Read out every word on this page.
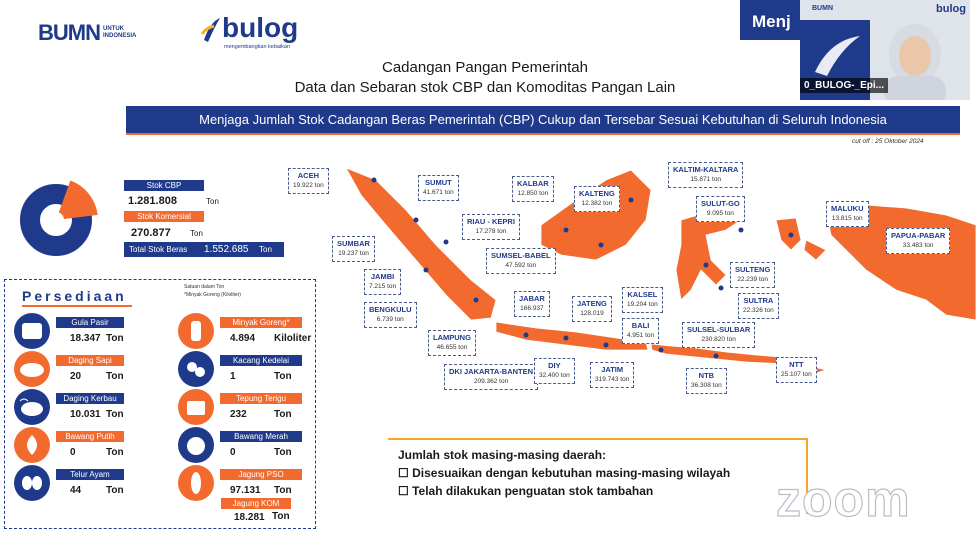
BUMN UNTUK INDONESIA	bulog
mengembangkan kebaikan
Cadangan Pangan Pemerintah
Data dan Sebaran stok CBP dan Komoditas Pangan Lain
Menjaga Jumlah Stok Cadangan Beras Pemerintah (CBP) Cukup dan Tersebar Sesuai Kebutuhan di Seluruh Indonesia
cut off : 25 Oktober 2024
Menj
BUMN	bulog
0_BULOG-_Epi...
Stok CBP
1.281.808	Ton
Stok Komersial
270.877 Ton
Total Stok Beras 1.552.685 Ton
Persediaan
Satuan dalam Ton
*Minyak Goreng (Kiloliter)
Gula Pasir
18.347 Ton
Daging Sapi
20 Ton
Daging Kerbau
10.031 Ton
Bawang Putih
0	Ton
Telur Ayam
44 Ton
Minyak Goreng*
4.894 Kiloliter
Kacang Kedelai
1	Ton
Tepung Terigu
232	Ton
Bawang Merah
0	Ton
Jagung PSO
97.131 Ton
Jagung KOM
18.281 Ton
ACEH
19.922 ton	SUMUT
41.671 ton
KALBAR
12.850 ton	KALTENG
12.382 ton
KALTIM-KALTARA
15.871 ton
SULUT-GO
9.095 ton
MALUKU
13.815 ton
PAPUA-PABAR
33.483 ton
RIAU - KEPRI
17.278 ton
SUMBAR
19.237 ton	SUMSEL-BABEL
47.592 ton
JAMBI
7.215 ton
BENGKULU
6.739 ton
JABAR
166.937
JATENG
128.019
KALSEL
19.204 ton
SULTENG
22.239 ton
SULTRA
22.326 ton
BALI
4.951 ton
LAMPUNG
46.655 ton
SULSEL-SULBAR
230.820 ton
DKI JAKARTA-BANTEN
209.362 ton
DIY
32.400 ton
JATIM
319.743 ton	NTB
36.308 ton
NTT
25.107 ton
Jumlah stok masing-masing daerah:
☐ Disesuaikan dengan kebutuhan masing-masing wilayah
☐ Telah dilakukan penguatan stok tambahan zoom
